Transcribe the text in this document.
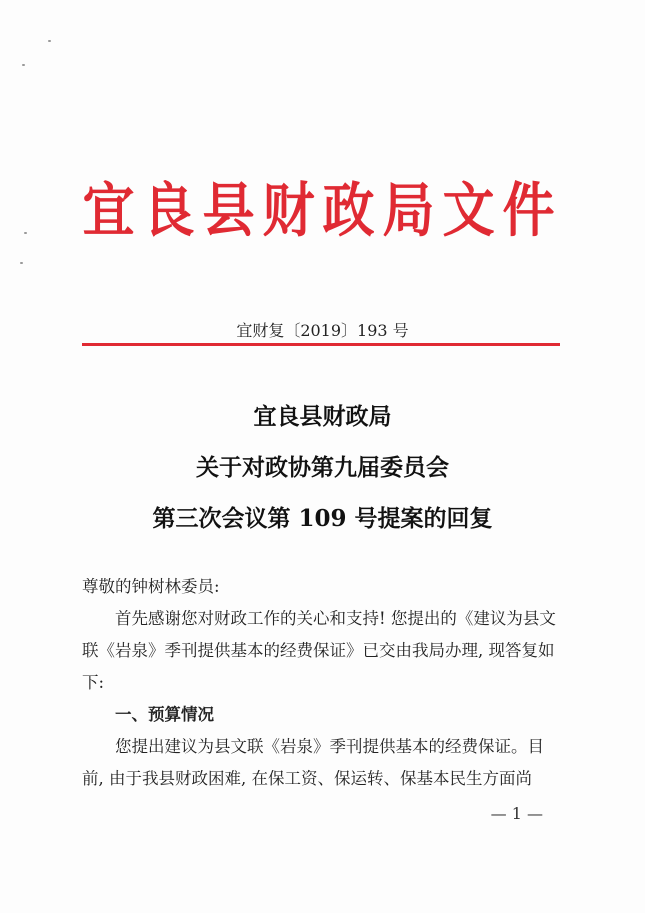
宜良县财政局文件
宜财复〔2019〕193 号
宜良县财政局
关于对政协第九届委员会
第三次会议第 109 号提案的回复
尊敬的钟树林委员:
首先感谢您对财政工作的关心和支持! 您提出的《建议为县文联《岩泉》季刊提供基本的经费保证》已交由我局办理, 现答复如下:
一、预算情况
您提出建议为县文联《岩泉》季刊提供基本的经费保证。目前, 由于我县财政困难, 在保工资、保运转、保基本民生方面尚
— 1 —
